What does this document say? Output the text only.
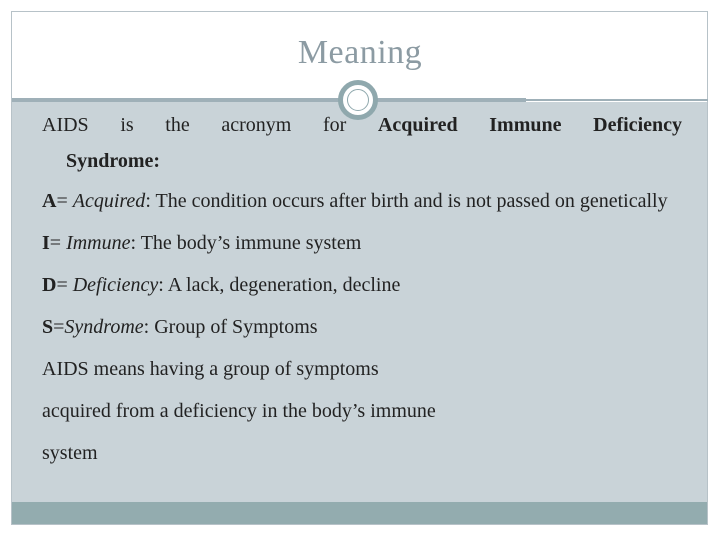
Meaning

AIDS is the acronym for Acquired Immune Deficiency

Syndrome:

A= Acquired: The condition occurs after birth and is not passed on genetically

I= Immune: The body’s immune system

D= Deficiency: A lack, degeneration, decline

S=Syndrome: Group of Symptoms

AIDS means having a group of symptoms

acquired from a deficiency in the body’s immune

system
